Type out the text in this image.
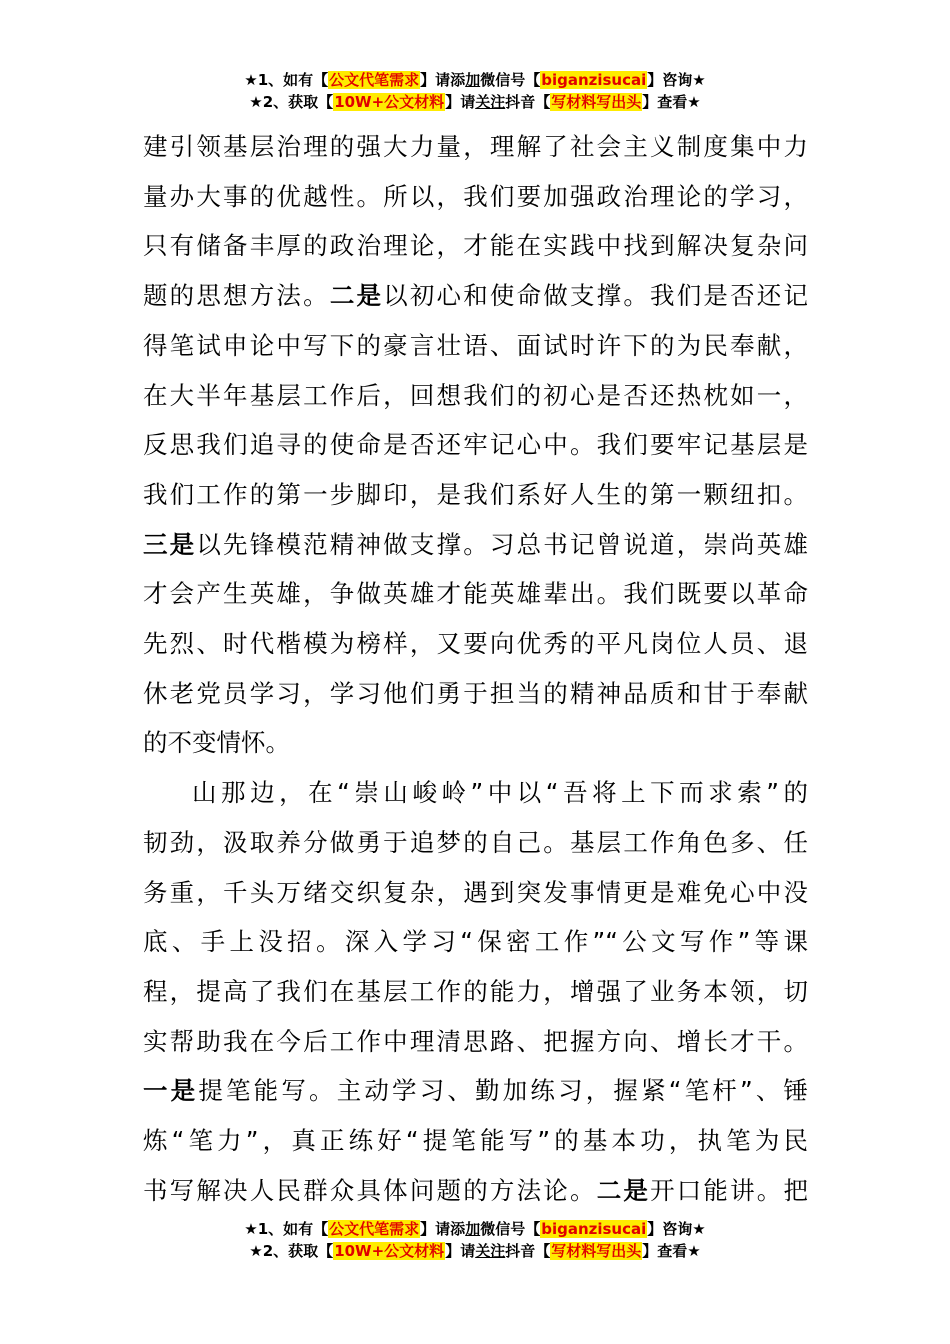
★1、如有【公文代笔需求】请添加微信号【biganzisucai】咨询★
★2、获取【10W+公文材料】请关注抖音【写材料写出头】查看★
建引领基层治理的强大力量，理解了社会主义制度集中力
量办大事的优越性。所以，我们要加强政治理论的学习，
只有储备丰厚的政治理论，才能在实践中找到解决复杂问
题的思想方法。二是以初心和使命做支撑。我们是否还记
得笔试申论中写下的豪言壮语、面试时许下的为民奉献，
在大半年基层工作后，回想我们的初心是否还热枕如一，
反思我们追寻的使命是否还牢记心中。我们要牢记基层是
我们工作的第一步脚印，是我们系好人生的第一颗纽扣。
三是以先锋模范精神做支撑。习总书记曾说道，崇尚英雄
才会产生英雄，争做英雄才能英雄辈出。我们既要以革命
先烈、时代楷模为榜样，又要向优秀的平凡岗位人员、退
休老党员学习，学习他们勇于担当的精神品质和甘于奉献
的不变情怀。
山那边，在“崇山峻岭”中以“吾将上下而求索”的
韧劲，汲取养分做勇于追梦的自己。基层工作角色多、任
务重，千头万绪交织复杂，遇到突发事情更是难免心中没
底、手上没招。深入学习“保密工作”“公文写作”等课
程，提高了我们在基层工作的能力，增强了业务本领，切
实帮助我在今后工作中理清思路、把握方向、增长才干。
一是提笔能写。主动学习、勤加练习，握紧“笔杆”、锤
炼“笔力”，真正练好“提笔能写”的基本功，执笔为民
书写解决人民群众具体问题的方法论。二是开口能讲。把
★1、如有【公文代笔需求】请添加微信号【biganzisucai】咨询★
★2、获取【10W+公文材料】请关注抖音【写材料写出头】查看★
